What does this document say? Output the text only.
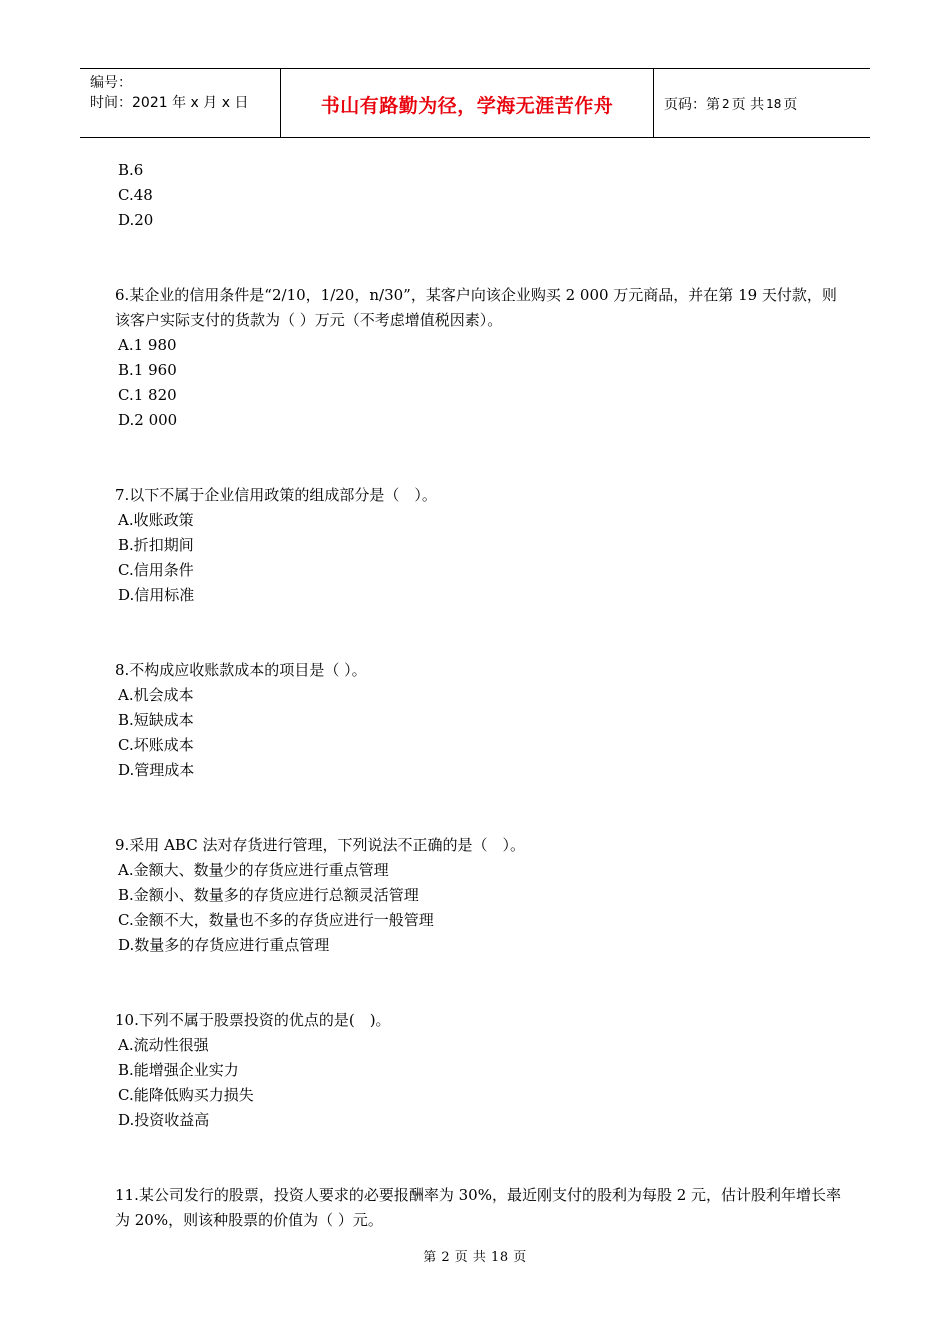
编号：
时间：2021 年 x 月 x 日	书山有路勤为径，学海无涯苦作舟	页码：第 2 页 共 18 页

B.6

C.48

D.20

6.某企业的信用条件是“2/10，1/20，n/30”，某客户向该企业购买 2 000 万元商品，并在第 19 天付款，则该客户实际支付的货款为（ ）万元（不考虑增值税因素）。

A.1 980

B.1 960

C.1 820

D.2 000

7.以下不属于企业信用政策的组成部分是（　）。

A.收账政策

B.折扣期间

C.信用条件

D.信用标准

8.不构成应收账款成本的项目是（ ）。

A.机会成本

B.短缺成本

C.坏账成本

D.管理成本

9.采用 ABC 法对存货进行管理，下列说法不正确的是（　）。

A.金额大、数量少的存货应进行重点管理

B.金额小、数量多的存货应进行总额灵活管理

C.金额不大，数量也不多的存货应进行一般管理

D.数量多的存货应进行重点管理

10.下列不属于股票投资的优点的是(　)。

A.流动性很强

B.能增强企业实力

C.能降低购买力损失

D.投资收益高

11.某公司发行的股票，投资人要求的必要报酬率为 30%，最近刚支付的股利为每股 2 元，估计股利年增长率为 20%，则该种股票的价值为（ ）元。

第 2 页 共 18 页
